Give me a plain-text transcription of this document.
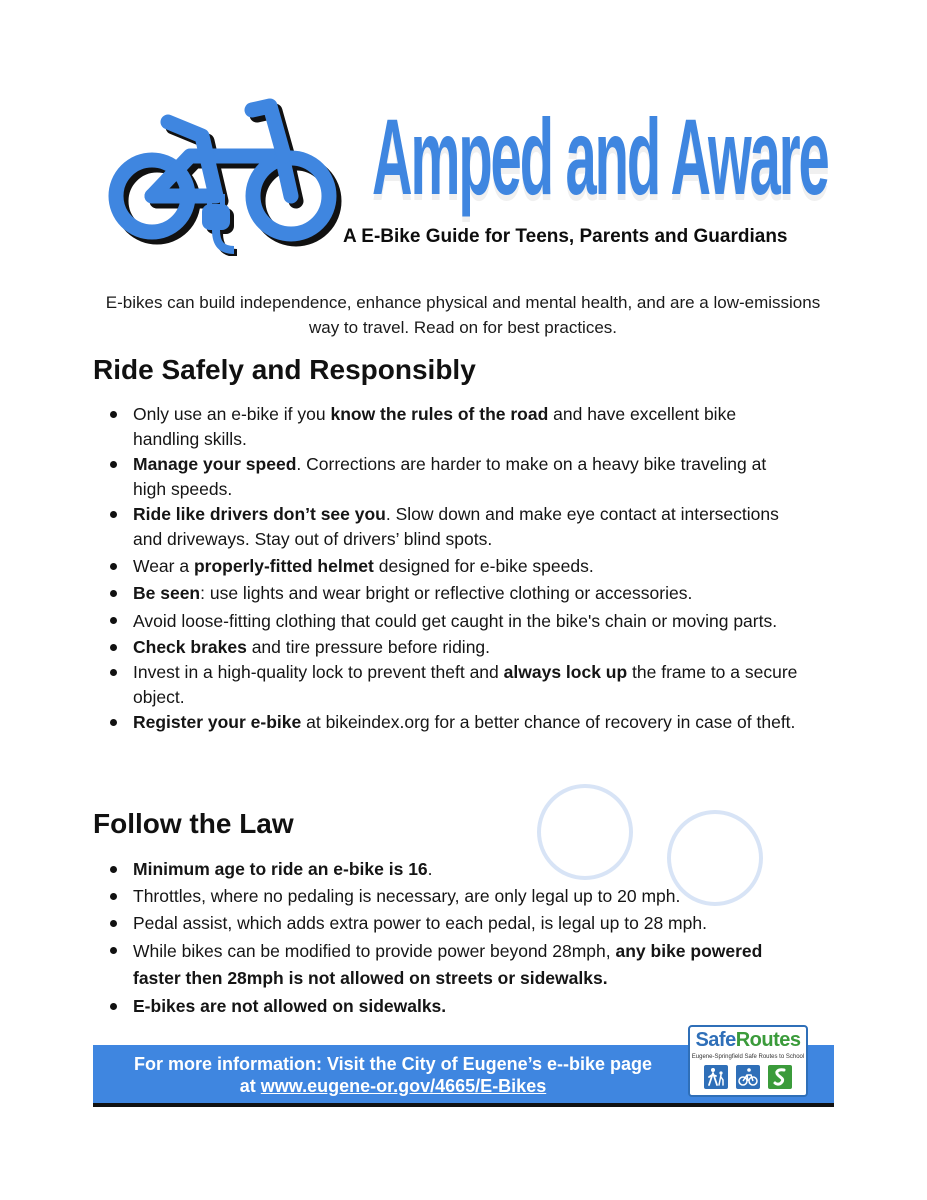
Amped and Aware
A E-Bike Guide for Teens, Parents and Guardians
E-bikes can build independence, enhance physical and mental health, and are a low-emissions way to travel. Read on for best practices.
Ride Safely and Responsibly
Only use an e-bike if you know the rules of the road and have excellent bike handling skills.
Manage your speed. Corrections are harder to make on a heavy bike traveling at high speeds.
Ride like drivers don’t see you. Slow down and make eye contact at intersections and driveways. Stay out of drivers’ blind spots.
Wear a properly-fitted helmet designed for e-bike speeds.
Be seen: use lights and wear bright or reflective clothing or accessories.
Avoid loose-fitting clothing that could get caught in the bike's chain or moving parts.
Check brakes and tire pressure before riding.
Invest in a high-quality lock to prevent theft and always lock up the frame to a secure object.
Register your e-bike at bikeindex.org for a better chance of recovery in case of theft.
Follow the Law
Minimum age to ride an e-bike is 16.
Throttles, where no pedaling is necessary, are only legal up to 20 mph.
Pedal assist, which adds extra power to each pedal, is legal up to 28 mph.
While bikes can be modified to provide power beyond 28mph, any bike powered faster then 28mph is not allowed on streets or sidewalks.
E-bikes are not allowed on sidewalks.
For more information: Visit the City of Eugene’s e--bike page
at www.eugene-or.gov/4665/E-Bikes
SafeRoutes
Eugene-Springfield Safe Routes to School
